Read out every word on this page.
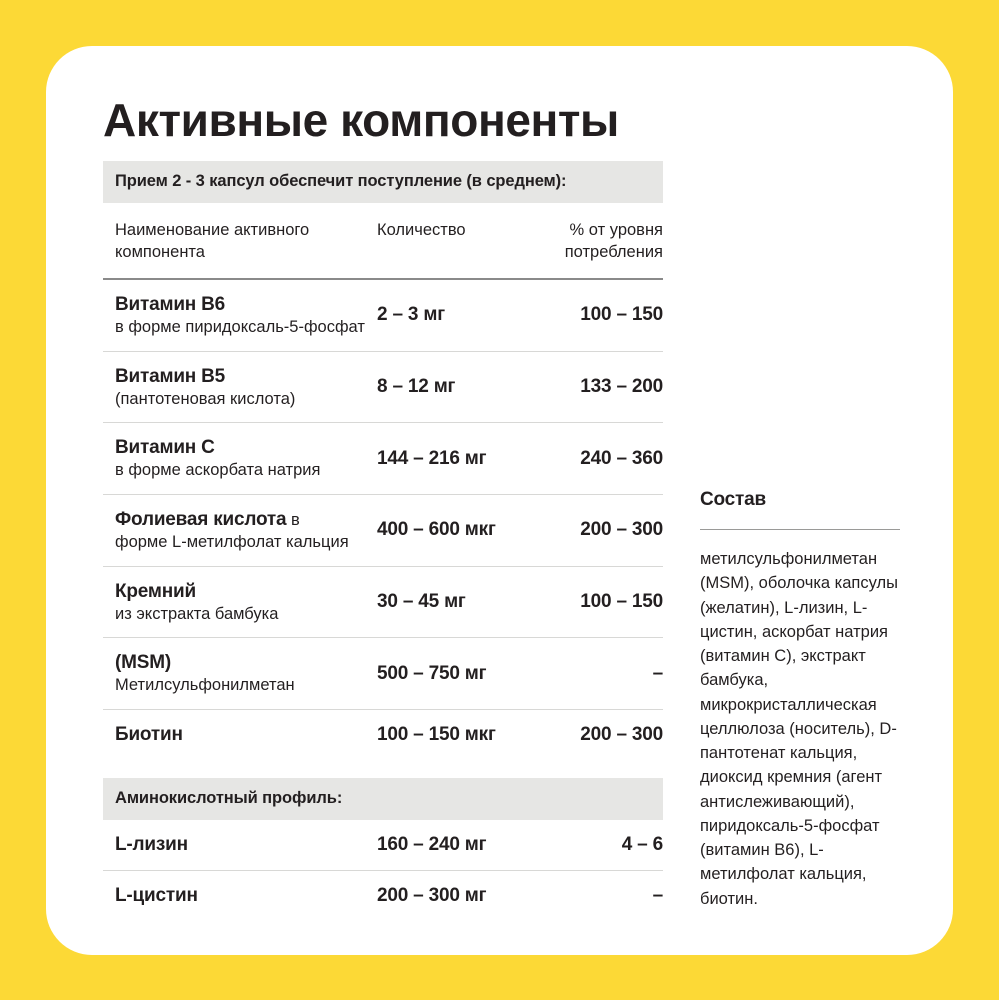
Активные компоненты
Прием 2 - 3 капсул обеспечит поступление (в среднем):
Наименование активного компонента	Количество	% от уровня потребления

Витамин B6
в форме пиридоксаль-5-фосфат	2 – 3 мг	100 – 150

Витамин B5
(пантотеновая кислота)	8 – 12 мг	133 – 200

Витамин C
в форме аскорбата натрия	144 – 216 мг	240 – 360
Фолиевая кислота в
форме L-метилфолат кальция	400 – 600 мкг	200 – 300

Кремний
из экстракта бамбука	30 – 45 мг	100 – 150

(MSM)
Метилсульфонилметан	500 – 750 мг	–
Биотин	100 – 150 мкг	200 – 300
Аминокислотный профиль:
L-лизин	160 – 240 мг	4 – 6
L-цистин	200 – 300 мг	–
Состав

метилсульфонилметан (MSM), оболочка капсулы (желатин), L-лизин, L-цистин, аскорбат натрия (витамин C), экстракт бамбука, микрокристаллическая целлюлоза (носитель), D-пантотенат кальция, диоксид кремния (агент антислеживающий), пиридоксаль-5-фосфат (витамин B6), L-метилфолат кальция, биотин.
